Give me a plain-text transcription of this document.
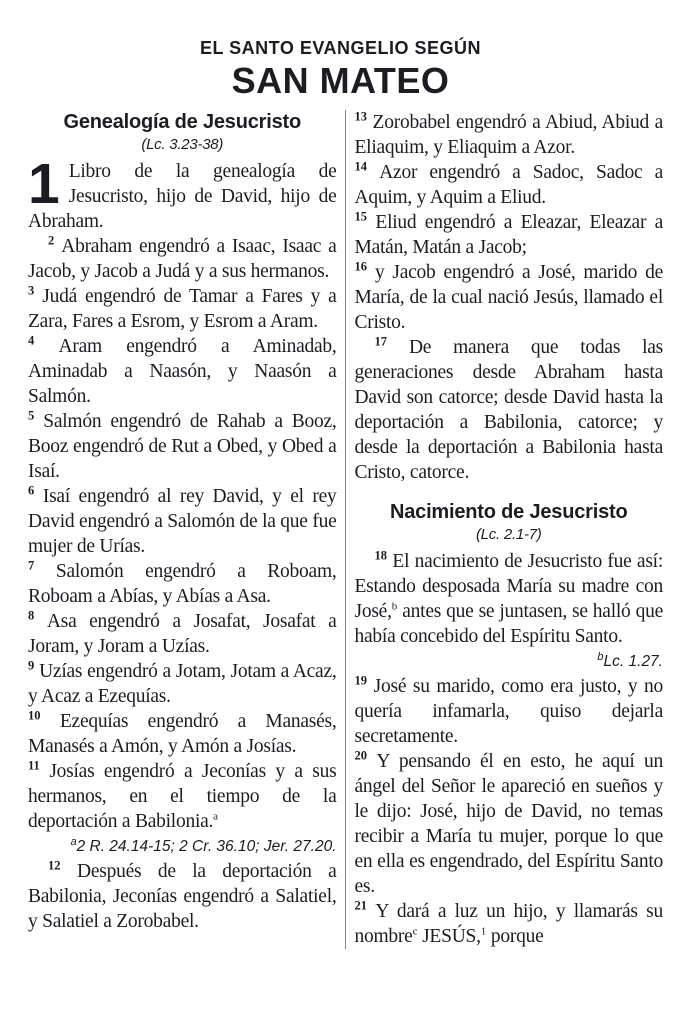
EL SANTO EVANGELIO SEGÚN
SAN MATEO
Genealogía de Jesucristo
(Lc. 3.23-38)

1 Libro de la genealogía de Jesucristo, hijo de David, hijo de Abraham.

$^2$ Abraham engendró a Isaac, Isaac a Jacob, y Jacob a Judá y a sus hermanos.

$^3$ Judá engendró de Tamar a Fares y a Zara, Fares a Esrom, y Esrom a Aram.

$^4$ Aram engendró a Aminadab, Aminadab a Naasón, y Naasón a Salmón.

$^5$ Salmón engendró de Rahab a Booz, Booz engendró de Rut a Obed, y Obed a Isaí.

$^6$ Isaí engendró al rey David, y el rey David engendró a Salomón de la que fue mujer de Urías.

$^7$ Salomón engendró a Roboam, Roboam a Abías, y Abías a Asa.

$^8$ Asa engendró a Josafat, Josafat a Joram, y Joram a Uzías.

$^9$ Uzías engendró a Jotam, Jotam a Acaz, y Acaz a Ezequías.

$^{10}$ Ezequías engendró a Manasés, Manasés a Amón, y Amón a Josías.

$^{11}$ Josías engendró a Jeconías y a sus hermanos, en el tiempo de la deportación a Babilonia.$^a$

$^a$2 R. 24.14-15; 2 Cr. 36.10; Jer. 27.20.

$^{12}$ Después de la deportación a Babilonia, Jeconías engendró a Salatiel, y Salatiel a Zorobabel.

$^{13}$ Zorobabel engendró a Abiud, Abiud a Eliaquim, y Eliaquim a Azor.

$^{14}$ Azor engendró a Sadoc, Sadoc a Aquim, y Aquim a Eliud.

$^{15}$ Eliud engendró a Eleazar, Eleazar a Matán, Matán a Jacob;

$^{16}$ y Jacob engendró a José, marido de María, de la cual nació Jesús, llamado el Cristo.

$^{17}$ De manera que todas las generaciones desde Abraham hasta David son catorce; desde David hasta la deportación a Babilonia, catorce; y desde la deportación a Babilonia hasta Cristo, catorce.

Nacimiento de Jesucristo
(Lc. 2.1-7)

$^{18}$ El nacimiento de Jesucristo fue así: Estando desposada María su madre con José,$^b$ antes que se juntasen, se halló que había concebido del Espíritu Santo.

$^b$Lc. 1.27.

$^{19}$ José su marido, como era justo, y no quería infamarla, quiso dejarla secretamente.

$^{20}$ Y pensando él en esto, he aquí un ángel del Señor le apareció en sueños y le dijo: José, hijo de David, no temas recibir a María tu mujer, porque lo que en ella es engendrado, del Espíritu Santo es.

$^{21}$ Y dará a luz un hijo, y llamarás su nombre$^c$ JESÚS,$^1$ porque
